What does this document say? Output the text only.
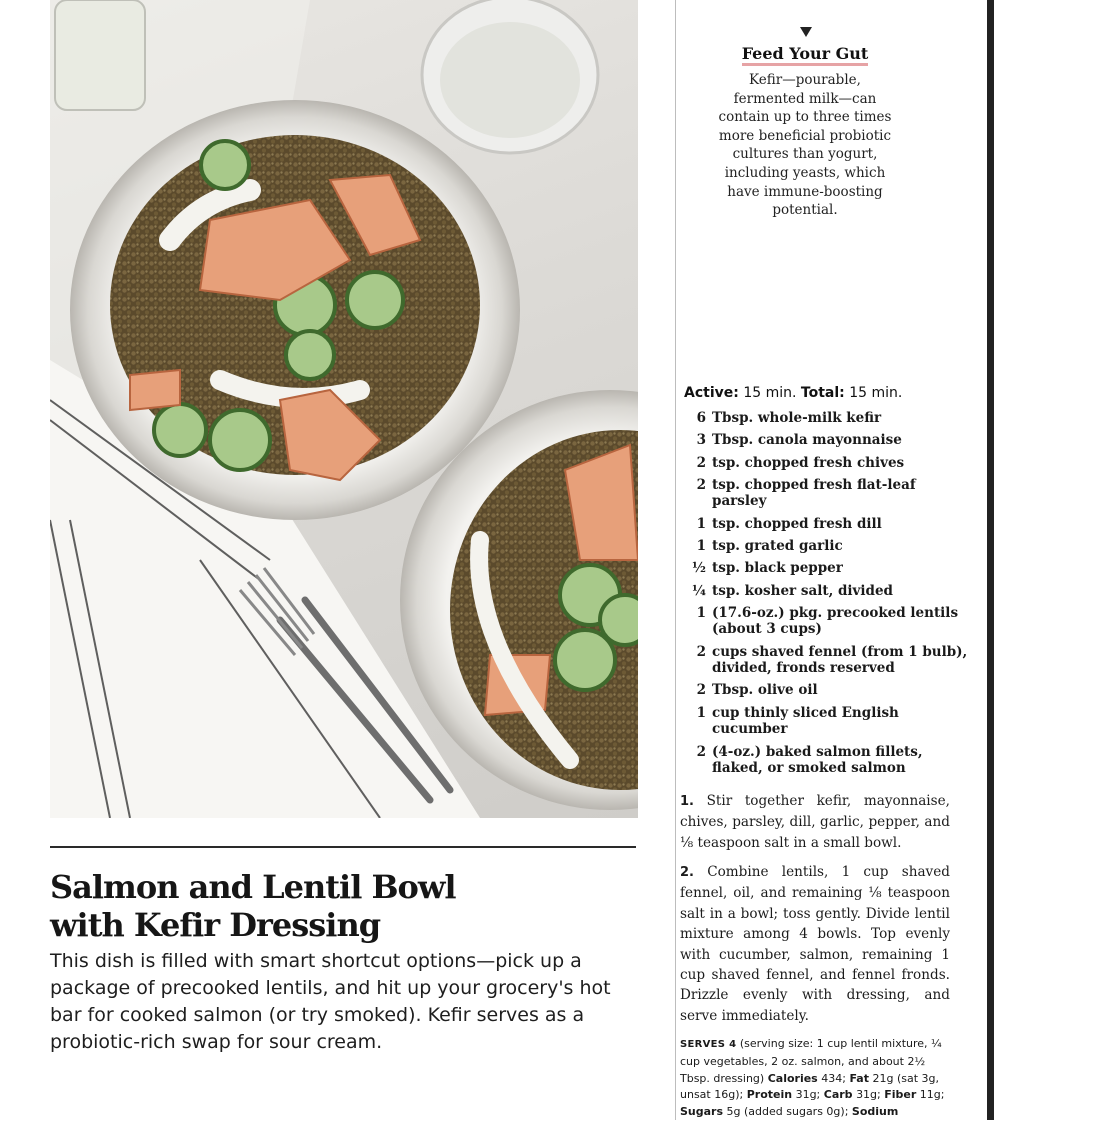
Salmon and Lentil Bowl
with Kefir Dressing

This dish is filled with smart shortcut options—pick up a package of precooked lentils, and hit up your grocery's hot bar for cooked salmon (or try smoked). Kefir serves as a probiotic-rich swap for sour cream.

Feed Your Gut

Kefir—pourable, fermented milk—can contain up to three times more beneficial probiotic cultures than yogurt, including yeasts, which have immune-boosting potential.

Active: 15 min. Total: 15 min.

6 Tbsp. whole-milk kefir
3 Tbsp. canola mayonnaise
2 tsp. chopped fresh chives
2 tsp. chopped fresh flat-leaf parsley
1 tsp. chopped fresh dill
1 tsp. grated garlic
½ tsp. black pepper
¼ tsp. kosher salt, divided
1 (17.6-oz.) pkg. precooked lentils (about 3 cups)
2 cups shaved fennel (from 1 bulb), divided, fronds reserved
2 Tbsp. olive oil
1 cup thinly sliced English cucumber
2 (4-oz.) baked salmon fillets, flaked, or smoked salmon

1. Stir together kefir, mayonnaise, chives, parsley, dill, garlic, pepper, and ⅛ teaspoon salt in a small bowl.

2. Combine lentils, 1 cup shaved fennel, oil, and remaining ⅛ teaspoon salt in a bowl; toss gently. Divide lentil mixture among 4 bowls. Top evenly with cucumber, salmon, remaining 1 cup shaved fennel, and fennel fronds. Drizzle evenly with dressing, and serve immediately.

SERVES 4 (serving size: 1 cup lentil mixture, ¼ cup vegetables, 2 oz. salmon, and about 2½ Tbsp. dressing) Calories 434; Fat 21g (sat 3g, unsat 16g); Protein 31g; Carb 31g; Fiber 11g; Sugars 5g (added sugars 0g); Sodium
